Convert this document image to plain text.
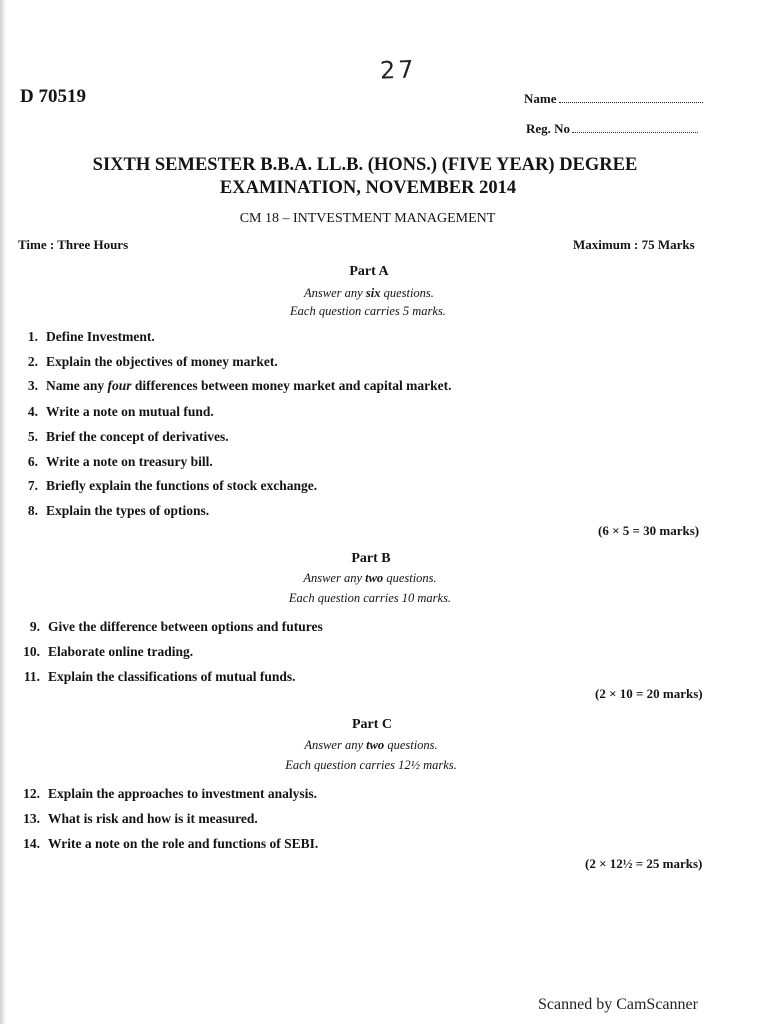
27
D 70519	Name
Reg. No
SIXTH SEMESTER B.B.A. LL.B. (HONS.) (FIVE YEAR) DEGREE
EXAMINATION, NOVEMBER 2014
CM 18 – INTVESTMENT MANAGEMENT
Time : Three Hours	Maximum : 75 Marks
Part A
Answer any six questions.
Each question carries 5 marks.
1. Define Investment.
2. Explain the objectives of money market.
3. Name any four differences between money market and capital market.
4. Write a note on mutual fund.
5. Brief the concept of derivatives.
6. Write a note on treasury bill.
7. Briefly explain the functions of stock exchange.
8. Explain the types of options.
(6 × 5 = 30 marks)
Part B
Answer any two questions.
Each question carries 10 marks.
9. Give the difference between options and futures
10. Elaborate online trading.
11. Explain the classifications of mutual funds.
(2 × 10 = 20 marks)
Part C
Answer any two questions.
Each question carries 12½ marks.
12. Explain the approaches to investment analysis.
13. What is risk and how is it measured.
14. Write a note on the role and functions of SEBI.
(2 × 12½ = 25 marks)
Scanned by CamScanner
